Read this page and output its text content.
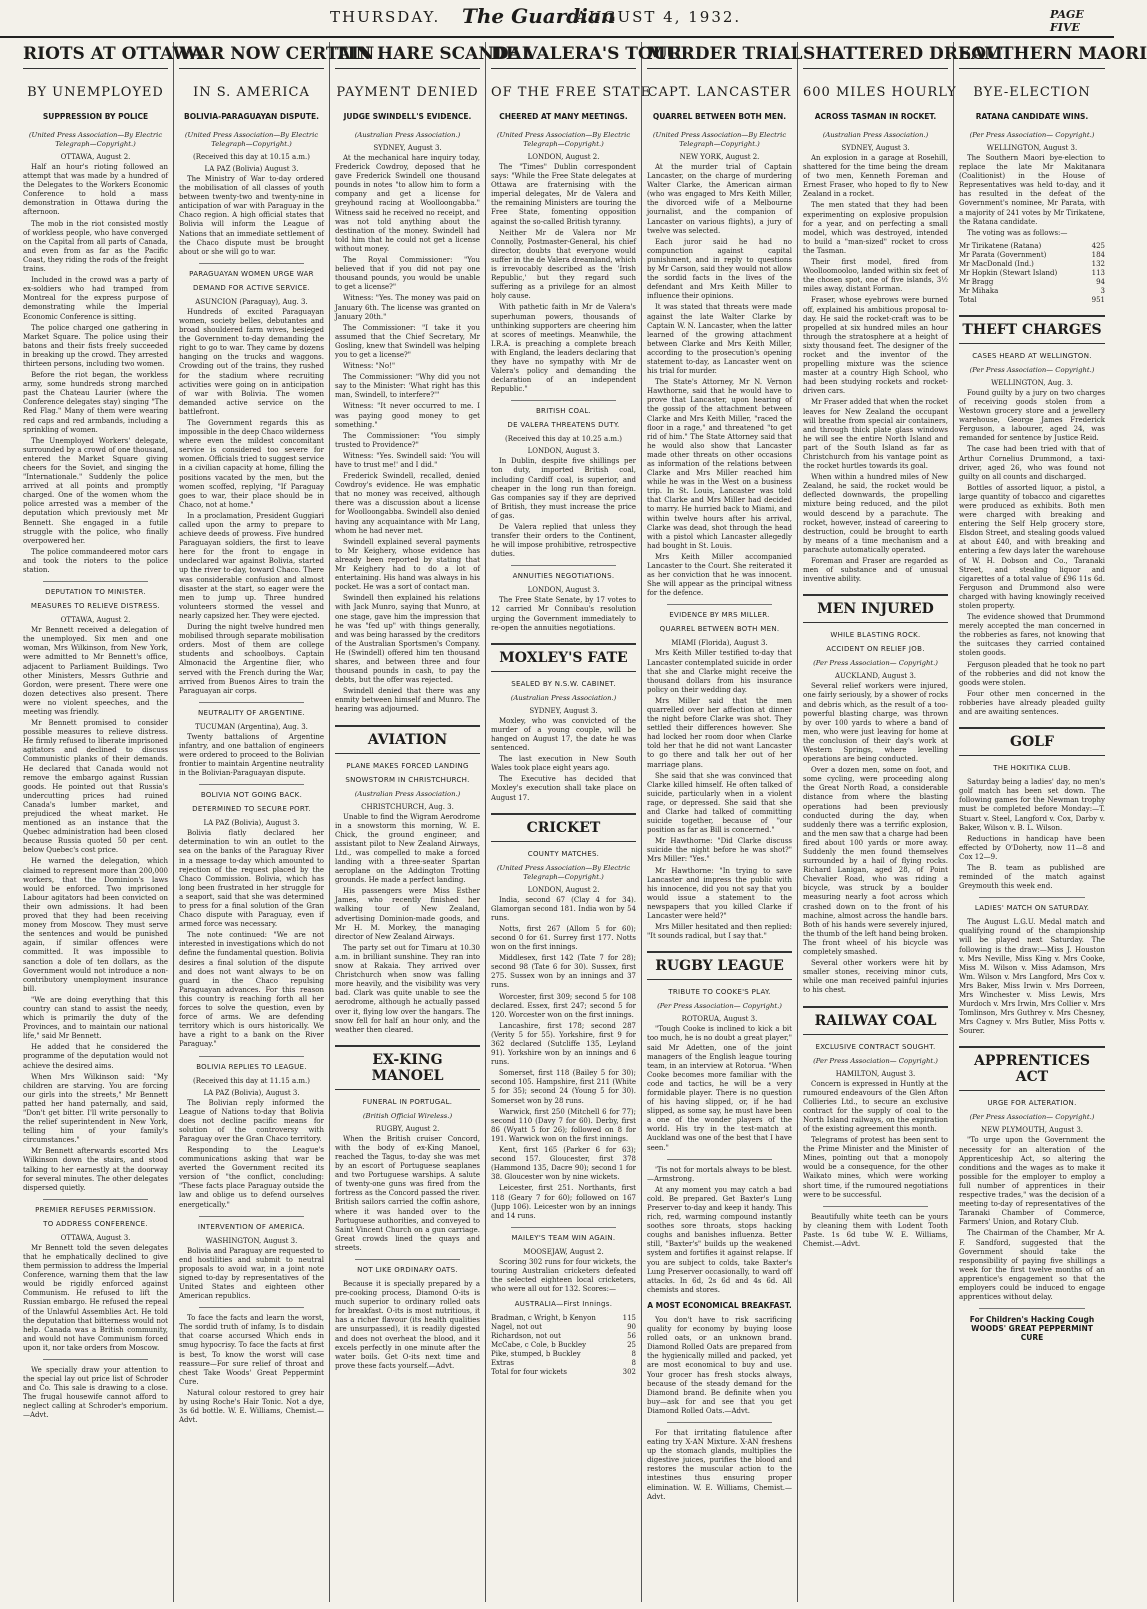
THURSDAY. The Guardian
AUGUST 4, 1932.	PAGE FIVE
RIOTS AT OTTAWA
BY UNEMPLOYED
SUPPRESSION BY POLICE
(United Press Association—By Electric Telegraph—Copyright.)
OTTAWA, August 2.
Half an hour's rioting followed an attempt that was made by a hundred of the Delegates to the Workers Economic Conference to hold a mass demonstration in Ottawa during the afternoon.
The mob in the riot consisted mostly of workless people, who have converged on the Capital from all parts of Canada, and even from as far as the Pacific Coast, they riding the rods of the freight trains.
Included in the crowd was a party of ex-soldiers who had tramped from Montreal for the express purpose of demonstrating while the Imperial Economic Conference is sitting.
The police charged one gathering in Market Square. The police using their batons and their fists freely succeeded in breaking up the crowd. They arrested thirteen persons, including two women.
Before the riot began, the workless army, some hundreds strong marched past the Chateau Laurier (where the Conference delegates stay) singing "The Red Flag." Many of them were wearing red caps and red armbands, including a sprinkling of women.
The Unemployed Workers' delegate, surrounded by a crowd of one thousand, entered the Market Square giving cheers for the Soviet, and singing the "Internationale." Suddenly the police arrived at all points and promptly charged. One of the women whom the police arrested was a member of the deputation which previously met Mr Bennett. She engaged in a futile struggle with the police, who finally overpowered her.
The police commandeered motor cars and took the rioters to the police station.
DEPUTATION TO MINISTER.
MEASURES TO RELIEVE DISTRESS.
OTTAWA, August 2.
Mr Bennett received a delegation of the unemployed. Six men and one woman, Mrs Wilkinson, from New York, were admitted to Mr Bennett's office, adjacent to Parliament Buildings. Two other Ministers, Messrs Guthrie and Gordon, were present. There were one dozen detectives also present. There were no violent speeches, and the meeting was friendly.
Mr Bennett promised to consider possible measures to relieve distress. He firmly refused to liberate imprisoned agitators and declined to discuss Communistic planks of their demands. He declared that Canada would not remove the embargo against Russian goods. He pointed out that Russia's undercutting prices had ruined Canada's lumber market, and prejudiced the wheat market. He mentioned as an instance that the Quebec administration had been closed because Russia quoted 50 per cent. below Quebec's cost price.
He warned the delegation, which claimed to represent more than 200,000 workers, that the Dominion's laws would be enforced. Two imprisoned Labour agitators had been convicted on their own admissions. It had been proved that they had been receiving money from Moscow. They must serve the sentences and would be punished again, if similar offences were committed. It was impossible to sanction a dole of ten dollars, as the Government would not introduce a non-contributory unemployment insurance bill.
"We are doing everything that this country can stand to assist the needy, which is primarily the duty of the Provinces, and to maintain our national life," said Mr Bennett.
He added that he considered the programme of the deputation would not achieve the desired aims.
When Mrs Wilkinson said: "My children are starving. You are forcing our girls into the streets," Mr Bennett patted her hand paternally, and said, "Don't get bitter. I'll write personally to the relief superintendent in New York, telling him of your family's circumstances."
Mr Bennett afterwards escorted Mrs Wilkinson down the stairs, and stood talking to her earnestly at the doorway for several minutes. The other delegates dispersed quietly.
PREMIER REFUSES PERMISSION.
TO ADDRESS CONFERENCE.
OTTAWA, August 3.
Mr Bennett told the seven delegates that he emphatically declined to give them permission to address the Imperial Conference, warning them that the law would be rigidly enforced against Communism. He refused to lift the Russian embargo. He refused the repeal of the Unlawful Assemblies Act. He told the deputation that bitterness would not help. Canada was a British community, and would not have Communism forced upon it, nor take orders from Moscow.
We specially draw your attention to the special lay out price list of Schroder and Co. This sale is drawing to a close. The frugal housewife cannot afford to neglect calling at Schroder's emporium.—Advt.
WAR NOW CERTAIN
IN S. AMERICA
BOLIVIA-PARAGUAYAN DISPUTE.
(United Press Association—By Electric Telegraph—Copyright.)
(Received this day at 10.15 a.m.)
LA PAZ (Bolivia) August 3.
The Ministry of War to-day ordered the mobilisation of all classes of youth between twenty-two and twenty-nine in anticipation of war with Paraguay in the Chaco region. A high official states that Bolivia will inform the League of Nations that an immediate settlement of the Chaco dispute must be brought about or she will go to war.
PARAGUAYAN WOMEN URGE WAR
DEMAND FOR ACTIVE SERVICE.
ASUNCION (Paraguay), Aug. 3.
Hundreds of excited Paraguayan women, society belles, debutantes and broad shouldered farm wives, besieged the Government to-day demanding the right to go to war. They came by dozens hanging on the trucks and waggons. Crowding out of the trains, they rushed for the stadium where recruiting activities were going on in anticipation of war with Bolivia. The women demanded active service on the battlefront.
The Government regards this as impossible in the deep Chaco wilderness where even the mildest concomitant service is considered too severe for women. Officials tried to suggest service in a civilian capacity at home, filling the positions vacated by the men, but the women scoffed, replying, "If Paraguay goes to war, their place should be in Chaco, not at home."
In a proclamation, President Guggiari called upon the army to prepare to achieve deeds of prowess. Five hundred Paraguayan soldiers, the first to leave here for the front to engage in undeclared war against Bolivia, started up the river to-day, toward Chaco. There was considerable confusion and almost disaster at the start, so eager were the men to jump up. Three hundred volunteers stormed the vessel and nearly capsized her. They were ejected.
During the night twelve hundred men mobilised through separate mobilisation orders. Most of them are college students and schoolboys. Captain Almonacid the Argentine flier, who served with the French during the War, arrived from Buenos Aires to train the Paraguayan air corps.
NEUTRALITY OF ARGENTINE.
TUCUMAN (Argentina), Aug. 3.
Twenty battalions of Argentine infantry, and one battalion of engineers were ordered to proceed to the Bolivian frontier to maintain Argentine neutrality in the Bolivian-Paraguayan dispute.
BOLIVIA NOT GOING BACK.
DETERMINED TO SECURE PORT.
LA PAZ (Bolivia), August 3.
Bolivia flatly declared her determination to win an outlet to the sea on the banks of the Paraguay River in a message to-day which amounted to rejection of the request placed by the Chaco Commission. Bolivia, which has long been frustrated in her struggle for a seaport, said that she was determined to press for a final solution of the Gran Chaco dispute with Paraguay, even if armed force was necessary.
The note continued: "We are not interested in investigations which do not define the fundamental question. Bolivia desires a final solution of the dispute and does not want always to be on guard in the Chaco repulsing Paraguayan advances. For this reason this country is reaching forth all her forces to solve the question, even by force of arms. We are defending territory which is ours historically. We have a right to a bank on the River Paraguay."
BOLIVIA REPLIES TO LEAGUE.
(Received this day at 11.15 a.m.)
LA PAZ (Bolivia), August 3.
The Bolivian reply informed the League of Nations to-day that Bolivia does not decline pacific means for solution of the controversy with Paraguay over the Gran Chaco territory.
Responding to the League's communications asking that war be averted the Government recited its version of "the conflict, concluding: "These facts place Paraguay outside the law and oblige us to defend ourselves energetically."
INTERVENTION OF AMERICA.
WASHINGTON, August 3.
Bolivia and Paraguay are requested to end hostilities and submit to neutral proposals to avoid war, in a joint note signed to-day by representatives of the United States and eighteen other American republics.
To face the facts and learn the worst, The sordid truth of infamy, Is to disdain that coarse accursed Which ends in smug hypocrisy. To face the facts at first is best, To know the worst will case reassure—For sure relief of throat and chest Take Woods' Great Peppermint Cure.
Natural colour restored to grey hair by using Roche's Hair Tonic. Not a dye, 3s 6d bottle. W. E. Williams, Chemist.—Advt.
TIN HARE SCANDAL
PAYMENT DENIED
JUDGE SWINDELL'S EVIDENCE.
(Australian Press Association.)
SYDNEY, August 3.
At the mechanical hare inquiry today, Frederick Cowdroy, deposed that he gave Frederick Swindell one thousand pounds in notes "to allow him to form a company and get a license for greyhound racing at Woolloongabba." Witness said he received no receipt, and was not told anything about the destination of the money. Swindell had told him that he could not get a license without money.
The Royal Commissioner: "You believed that if you did not pay one thousand pounds, you would be unable to get a license?"
Witness: "Yes. The money was paid on January 6th. The license was granted on January 20th."
The Commissioner: "I take it you assumed that the Chief Secretary, Mr Gosling, knew that Swindell was helping you to get a license?"
Witness: "No!"
The Commissioner: "Why did you not say to the Minister: 'What right has this man, Swindell, to interfere?'"
Witness: "It never occurred to me. I was paying good money to get something."
The Commissioner: "You simply trusted to Providence?"
Witness: "Yes. Swindell said: 'You will have to trust me!' and I did."
Frederick Swindell, recalled, denied Cowdroy's evidence. He was emphatic that no money was received, although there was a discussion about a license for Woolloongabba. Swindell also denied having any acquaintance with Mr Lang, whom he had never met.
Swindell explained several payments to Mr Keighery, whose evidence has already been reported by stating that Mr Keighery had to do a lot of entertaining. His hand was always in his pocket. He was a sort of contact man.
Swindell then explained his relations with Jack Munro, saying that Munro, at one stage, gave him the impression that he was "fed up" with things generally, and was being harassed by the creditors of the Australian Sportsmen's Company. He (Swindell) offered him ten thousand shares, and between three and four thousand pounds in cash, to pay the debts, but the offer was rejected.
Swindell denied that there was any enmity between himself and Munro. The hearing was adjourned.
AVIATION
PLANE MAKES FORCED LANDING
SNOWSTORM IN CHRISTCHURCH.
(Australian Press Association.)
CHRISTCHURCH, Aug. 3.
Unable to find the Wigram Aerodrome in a snowstorm this morning, W. E. Chick, the ground engineer, and assistant pilot to New Zealand Airways, Ltd., was compelled to make a forced landing with a three-seater Spartan aeroplane on the Addington Trotting grounds. He made a perfect landing.
His passengers were Miss Esther James, who recently finished her walking tour of New Zealand, advertising Dominion-made goods, and Mr H. M. Morkey, the managing director of New Zealand Airways.
The party set out for Timaru at 10.30 a.m. in brilliant sunshine. They ran into snow at Rakaia. They arrived over Christchurch when snow was falling more heavily, and the visibility was very bad. Clark was quite unable to see the aerodrome, although he actually passed over it, flying low over the hangars. The snow fell for half an hour only, and the weather then cleared.
EX-KING MANOEL
FUNERAL IN PORTUGAL.
(British Official Wireless.)
RUGBY, August 2.
When the British cruiser Concord, with the body of ex-King Manoel, reached the Tagus, to-day she was met by an escort of Portuguese seaplanes and two Portuguese warships. A salute of twenty-one guns was fired from the fortress as the Concord passed the river. British sailors carried the coffin ashore, where it was handed over to the Portuguese authorities, and conveyed to Saint Vincent Church on a gun carriage. Great crowds lined the quays and streets.
NOT LIKE ORDINARY OATS.
Because it is specially prepared by a pre-cooking process, Diamond O-its is much superior to ordinary rolled oats for breakfast. O-its is most nutritious, it has a richer flavour (its health qualities are unsurpassed), it is readily digested and does not overheat the blood, and it excels perfectly in one minute after the water boils. Get O-its next time and prove these facts yourself.—Advt.
DE VALERA'S TOUR
OF THE FREE STATE
CHEERED AT MANY MEETINGS.
(United Press Association—By Electric Telegraph—Copyright.)
LONDON, August 2.
The "Times" Dublin correspondent says: "While the Free State delegates at Ottawa are fraternising with the imperial delegates, Mr de Valera and the remaining Ministers are touring the Free State, fomenting opposition against the so-called British tyranny.
Neither Mr de Valera nor Mr Connolly, Postmaster-General, his chief director, doubts that everyone would suffer in the de Valera dreamland, which is irrevocably described as the 'Irish Republic,' but they regard such suffering as a privilege for an almost holy cause.
With pathetic faith in Mr de Valera's superhuman powers, thousands of unthinking supporters are cheering him at scores of meetings. Meanwhile, the I.R.A. is preaching a complete breach with England, the leaders declaring that they have no sympathy with Mr de Valera's policy and demanding the declaration of an independent Republic."
BRITISH COAL.
DE VALERA THREATENS DUTY.
(Received this day at 10.25 a.m.)
LONDON, August 3.
In Dublin, despite five shillings per ton duty, imported British coal, including Cardiff coal, is superior, and cheaper in the long run than foreign. Gas companies say if they are deprived of British, they must increase the price of gas.
De Valera replied that unless they transfer their orders to the Continent, he will impose prohibitive, retrospective duties.
ANNUITIES NEGOTIATIONS.
LONDON, August 3.
The Free State Senate, by 17 votes to 12 carried Mr Connibau's resolution urging the Government immediately to re-open the annuities negotiations.
MOXLEY'S FATE
SEALED BY N.S.W. CABINET.
(Australian Press Association.)
SYDNEY, August 3.
Moxley, who was convicted of the murder of a young couple, will be hanged on August 17, the date he was sentenced.
The last execution in New South Wales took place eight years ago.
The Executive has decided that Moxley's execution shall take place on August 17.
CRICKET
COUNTY MATCHES.
(United Press Association—By Electric Telegraph—Copyright.)
LONDON, August 2.
India, second 67 (Clay 4 for 34). Glamorgan second 181. India won by 54 runs.
Notts, first 267 (Allom 5 for 60); second 0 for 61. Surrey first 177. Notts won on the first innings.
Middlesex, first 142 (Tate 7 for 28); second 98 (Tate 6 for 30). Sussex, first 275. Sussex won by an innings and 37 runs.
Worcester, first 309; second 5 for 108 declared. Essex, first 247; second 5 for 120. Worcester won on the first innings.
Lancashire, first 178; second 287 (Verity 5 for 55). Yorkshire, first 9 for 362 declared (Sutcliffe 135, Leyland 91). Yorkshire won by an innings and 6 runs.
Somerset, first 118 (Bailey 5 for 30); second 105. Hampshire, first 211 (White 5 for 35); second 24 (Young 5 for 30). Somerset won by 28 runs.
Warwick, first 250 (Mitchell 6 for 77); second 110 (Davy 7 for 60). Derby, first 86 (Wyatt 5 for 26); followed on 8 for 191. Warwick won on the first innings.
Kent, first 165 (Parker 6 for 63); second 157. Gloucester, first 378 (Hammond 135, Dacre 90); second 1 for 38. Gloucester won by nine wickets.
Leicester, first 251. Northants, first 118 (Geary 7 for 60); followed on 167 (Jupp 106). Leicester won by an innings and 14 runs.
MAILEY'S TEAM WIN AGAIN.
MOOSEJAW, August 2.
Scoring 302 runs for four wickets, the touring Australian cricketers defeated the selected eighteen local cricketers, who were all out for 132. Scores:—
AUSTRALIA—First Innings.
Bradman, c Wright, b Kenyon	115
Nagel, not out	90
Richardson, not out	56
McCabe, c Cole, b Buckley	25
Pike, stumped, b Buckley	8
Extras	8
Total for four wickets	302
MURDER TRIAL
CAPT. LANCASTER
QUARREL BETWEEN BOTH MEN.
(United Press Association—By Electric Telegraph—Copyright.)
NEW YORK, August 2.
At the murder trial of Captain Lancaster, on the charge of murdering Walter Clarke, the American airman (who was engaged to Mrs Keith Miller, the divorced wife of a Melbourne journalist, and the companion of Lancaster on various flights), a jury of twelve was selected.
Each juror said he had no compunction against capital punishment, and in reply to questions by Mr Carson, said they would not allow the sordid facts in the lives of the defendant and Mrs Keith Miller to influence their opinions.
It was stated that threats were made against the late Walter Clarke by Captain W. N. Lancaster, when the latter learned of the growing attachment between Clarke and Mrs Keith Miller, according to the prosecution's opening statement to-day, as Lancaster went on his trial for murder.
The State's Attorney, Mr N. Vernon Hawthorne, said that he would have to prove that Lancaster, upon hearing of the gossip of the attachment between Clarke and Mrs Keith Miller, "raced the floor in a rage," and threatened "to get rid of him." The State Attorney said that he would also show that Lancaster made other threats on other occasions as information of the relations between Clarke and Mrs Miller reached him while he was in the West on a business trip. In St. Louis, Lancaster was told that Clarke and Mrs Miller had decided to marry. He hurried back to Miami, and within twelve hours after his arrival, Clarke was dead, shot through the head with a pistol which Lancaster allegedly had bought in St. Louis.
Mrs Keith Miller accompanied Lancaster to the Court. She reiterated it as her conviction that he was innocent. She will appear as the principal witness for the defence.
EVIDENCE BY MRS MILLER.
QUARREL BETWEEN BOTH MEN.
MIAMI (Florida), August 3.
Mrs Keith Miller testified to-day that Lancaster contemplated suicide in order that she and Clarke might receive the thousand dollars from his insurance policy on their wedding day.
Mrs Miller said that the men quarrelled over her affection at dinner the night before Clarke was shot. They settled their differences however. She had locked her room door when Clarke told her that he did not want Lancaster to go there and talk her out of her marriage plans.
She said that she was convinced that Clarke killed himself. He often talked of suicide, particularly when in a violent rage, or depressed. She said that she and Clarke had talked of committing suicide together, because of "our position as far as Bill is concerned."
Mr Hawthorne: "Did Clarke discuss suicide the night before he was shot?" Mrs Miller: "Yes."
Mr Hawthorne: "In trying to save Lancaster and impress the public with his innocence, did you not say that you would issue a statement to the newspapers that you killed Clarke if Lancaster were held?"
Mrs Miller hesitated and then replied: "It sounds radical, but I say that."
RUGBY LEAGUE
TRIBUTE TO COOKE'S PLAY.
(Per Press Association— Copyright.)
ROTORUA, August 3.
"Tough Cooke is inclined to kick a bit too much, he is no doubt a great player," said Mr Adetten, one of the joint managers of the English league touring team, in an interview at Rotorua. "When Cooke becomes more familiar with the code and tactics, he will be a very formidable player. There is no question of his having slipped, or, if he had slipped, as some say, he must have been a one of the wonder players of the world. His try in the test-match at Auckland was one of the best that I have seen."
'Tis not for mortals always to be blest.—Armstrong.
At any moment you may catch a bad cold. Be prepared. Get Baxter's Lung Preserver to-day and keep it handy. This rich, red, warming compound instantly soothes sore throats, stops hacking coughs and banishes influenza. Better still, "Baxter's" builds up the weakened system and fortifies it against relapse. If you are subject to colds, take Baxter's Lung Preserver occasionally, to ward off attacks. In 6d, 2s 6d and 4s 6d. All chemists and stores.
A MOST ECONOMICAL BREAKFAST.
You don't have to risk sacrificing quality for economy by buying loose rolled oats, or an unknown brand. Diamond Rolled Oats are prepared from the hygienically milled and packed, yet are most economical to buy and use. Your grocer has fresh stocks always, because of the steady demand for the Diamond brand. Be definite when you buy—ask for and see that you get Diamond Rolled Oats.—Advt.
For that irritating flatulence after eating try X-AN Mixture. X-AN freshens up the stomach glands, multiplies the digestive juices, purifies the blood and restores the muscular action to the intestines thus ensuring proper elimination. W. E. Williams, Chemist.—Advt.
SHATTERED DREAM
600 MILES HOURLY
ACROSS TASMAN IN ROCKET.
(Australian Press Association.)
SYDNEY, August 3.
An explosion in a garage at Rosehill, shattered for the time being the dream of two men, Kenneth Foreman and Ernest Fraser, who hoped to fly to New Zealand in a rocket.
The men stated that they had been experimenting on explosive propulsion for a year, and on perfecting a small model, which was destroyed, intended to build a "man-sized" rocket to cross the Tasman.
Their first model, fired from Woolloomooloo, landed within six feet of the chosen spot, one of five islands, 3½ miles away, distant Forman.
Fraser, whose eyebrows were burned off, explained his ambitious proposal to-day. He said the rocket-craft was to be propelled at six hundred miles an hour through the stratosphere at a height of sixty thousand feet. The designer of the rocket and the inventor of the propelling mixture was the science master at a country High School, who had been studying rockets and rocket-driven cars.
Mr Fraser added that when the rocket leaves for New Zealand the occupant will breathe from special air containers, and through thick plate glass windows he will see the entire North Island and part of the South Island as far as Christchurch from his vantage point as the rocket hurtles towards its goal.
When within a hundred miles of New Zealand, he said, the rocket would be deflected downwards, the propelling mixture being reduced, and the pilot would descend by a parachute. The rocket, however, instead of careering to destruction, could be brought to earth by means of a time mechanism and a parachute automatically operated.
Foreman and Fraser are regarded as men of substance and of unusual inventive ability.
MEN INJURED
WHILE BLASTING ROCK.
ACCIDENT ON RELIEF JOB.
(Per Press Association— Copyright.)
AUCKLAND, August 3.
Several relief workers were injured, one fairly seriously, by a shower of rocks and debris which, as the result of a too-powerful blasting charge, was thrown by over 100 yards to where a band of men, who were just leaving for home at the conclusion of their day's work at Western Springs, where levelling operations are being conducted.
Over a dozen men, some on foot, and some cycling, were proceeding along the Great North Road, a considerable distance from where the blasting operations had been previously conducted during the day, when suddenly there was a terrific explosion, and the men saw that a charge had been fired about 100 yards or more away. Suddenly the men found themselves surrounded by a hail of flying rocks. Richard Lanigan, aged 28, of Point Chevalier Road, who was riding a bicycle, was struck by a boulder measuring nearly a foot across which crashed down on to the front of his machine, almost across the handle bars. Both of his hands were severely injured, the thumb of the left hand being broken. The front wheel of his bicycle was completely smashed.
Several other workers were hit by smaller stones, receiving minor cuts, while one man received painful injuries to his chest.
RAILWAY COAL
EXCLUSIVE CONTRACT SOUGHT.
(Per Press Association— Copyright.)
HAMILTON, August 3.
Concern is expressed in Huntly at the rumoured endeavours of the Glen Afton Collieries Ltd., to secure an exclusive contract for the supply of coal to the North Island railways, on the expiration of the existing agreement this month.
Telegrams of protest has been sent to the Prime Minister and the Minister of Mines, pointing out that a monopoly would be a consequence, for the other Waikato mines, which were working short time, if the rumoured negotiations were to be successful.
Beautifully white teeth can be yours by cleaning them with Lodent Tooth Paste. 1s 6d tube W. E. Williams, Chemist.—Advt.
SOUTHERN MAORI
BYE-ELECTION
RATANA CANDIDATE WINS.
(Per Press Association— Copyright.)
WELLINGTON, August 3.
The Southern Maori bye-election to replace the late Mr Makitanara (Coalitionist) in the House of Representatives was held to-day, and it has resulted in the defeat of the Government's nominee, Mr Parata, with a majority of 241 votes by Mr Tirikatene, the Ratana candidate.
The voting was as follows:—
Mr Tirikatene (Ratana)	425
Mr Parata (Government)	184
Mr MacDonald (Ind.)	132
Mr Hopkin (Stewart Island)	113
Mr Bragg	94
Mr Mihaka	3
Total	951
THEFT CHARGES
CASES HEARD AT WELLINGTON.
(Per Press Association— Copyright.)
WELLINGTON, Aug. 3.
Found guilty by a jury on two charges of receiving goods stolen from a Westown grocery store and a jewellery warehouse, George James Frederick Ferguson, a labourer, aged 24, was remanded for sentence by Justice Reid.
The case had been tried with that of Arthur Cornelius Drummond, a taxi-driver, aged 26, who was found not guilty on all counts and discharged.
Bottles of assorted liquor, a pistol, a large quantity of tobacco and cigarettes were produced as exhibits. Both men were charged with breaking and entering the Self Help grocery store, Elsdon Street, and stealing goods valued at about £40, and with breaking and entering a few days later the warehouse of W. H. Dobson and Co., Taranaki Street, and stealing liquor and cigarettes of a total value of £96 11s 6d. Ferguson and Drummond also were charged with having knowingly received stolen property.
The evidence showed that Drummond merely accepted the man concerned in the robberies as fares, not knowing that the suitcases they carried contained stolen goods.
Ferguson pleaded that he took no part of the robberies and did not know the goods were stolen.
Four other men concerned in the robberies have already pleaded guilty and are awaiting sentences.
GOLF
THE HOKITIKA CLUB.
Saturday being a ladies' day, no men's golf match has been set down. The following games for the Newman trophy must be completed before Monday:—T. Stuart v. Steel, Langford v. Cox, Darby v. Baker, Wilson v. B. L. Wilson.
Reductions in handicap have been effected by O'Doherty, now 11—8 and Cox 12—9.
The B. team as published are reminded of the match against Greymouth this week end.
LADIES' MATCH ON SATURDAY.
The August L.G.U. Medal match and qualifying round of the championship will be played next Saturday. The following is the draw:—Miss J. Houston v. Mrs Neville, Miss King v. Mrs Cooke, Miss M. Wilson v. Miss Adamson, Mrs Wm. Wilson v. Mrs Langford, Mrs Cox v. Mrs Baker, Miss Irwin v. Mrs Dorreen, Mrs Winchester v. Miss Lewis, Mrs Murdoch v. Mrs Irwin, Mrs Collier v. Mrs Tomlinson, Mrs Guthrey v. Mrs Chesney, Mrs Cagney v. Mrs Butler, Miss Potts v. Sourer.
APPRENTICES ACT
URGE FOR ALTERATION.
(Per Press Association— Copyright.)
NEW PLYMOUTH, August 3.
"To urge upon the Government the necessity for an alteration of the Apprenticeship Act, so altering the conditions and the wages as to make it possible for the employer to employ a full number of apprentices in their respective trades," was the decision of a meeting to-day of representatives of the Taranaki Chamber of Commerce, Farmers' Union, and Rotary Club.
The Chairman of the Chamber, Mr A. F. Sandford, suggested that the Government should take the responsibility of paying five shillings a week for the first twelve months of an apprentice's engagement so that the employers could be induced to engage apprentices without delay.
For Children's Hacking Cough WOODS' GREAT PEPPERMINT CURE
